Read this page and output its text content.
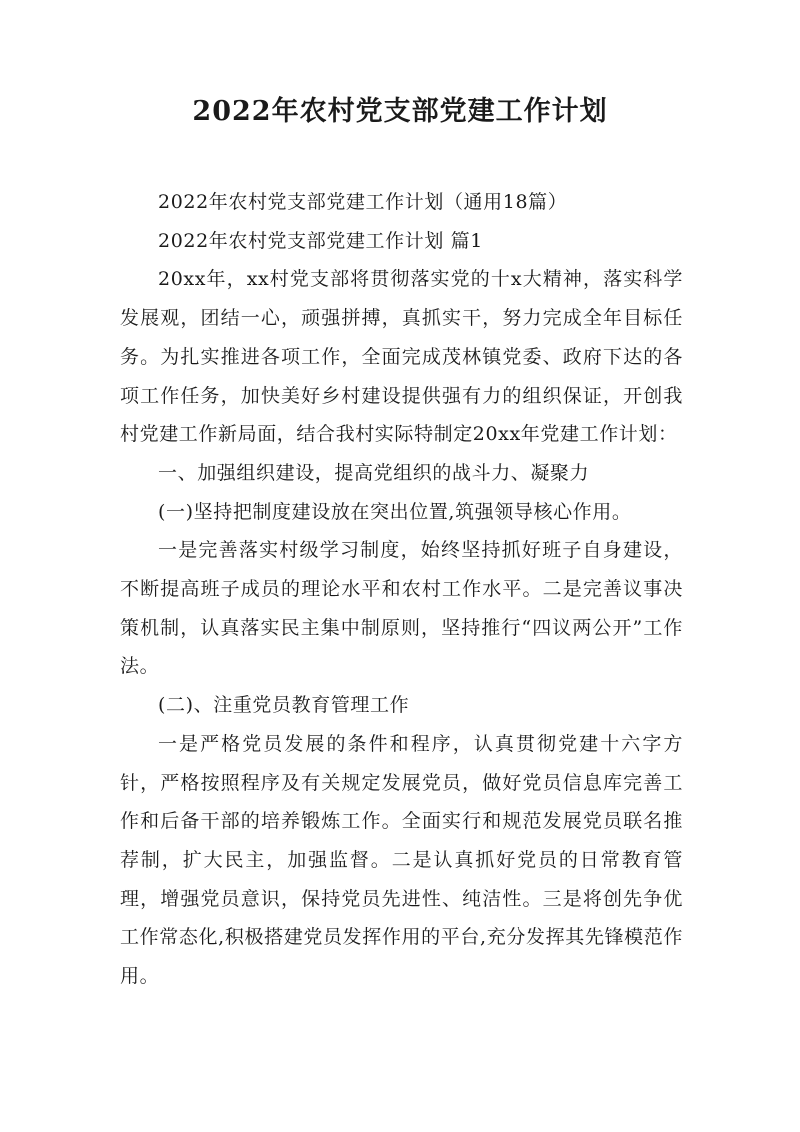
2022年农村党支部党建工作计划

2022年农村党支部党建工作计划（通用18篇）

2022年农村党支部党建工作计划 篇1

20xx年，xx村党支部将贯彻落实党的十x大精神，落实科学发展观，团结一心，顽强拼搏，真抓实干，努力完成全年目标任务。为扎实推进各项工作，全面完成茂林镇党委、政府下达的各项工作任务，加快美好乡村建设提供强有力的组织保证，开创我村党建工作新局面，结合我村实际特制定20xx年党建工作计划：

一、加强组织建设，提高党组织的战斗力、凝聚力

(一)坚持把制度建设放在突出位置,筑强领导核心作用。

一是完善落实村级学习制度，始终坚持抓好班子自身建设，不断提高班子成员的理论水平和农村工作水平。二是完善议事决策机制，认真落实民主集中制原则，坚持推行“四议两公开”工作法。

(二)、注重党员教育管理工作

一是严格党员发展的条件和程序，认真贯彻党建十六字方针，严格按照程序及有关规定发展党员，做好党员信息库完善工作和后备干部的培养锻炼工作。全面实行和规范发展党员联名推荐制，扩大民主，加强监督。二是认真抓好党员的日常教育管理，增强党员意识，保持党员先进性、纯洁性。三是将创先争优工作常态化,积极搭建党员发挥作用的平台,充分发挥其先锋模范作用。
